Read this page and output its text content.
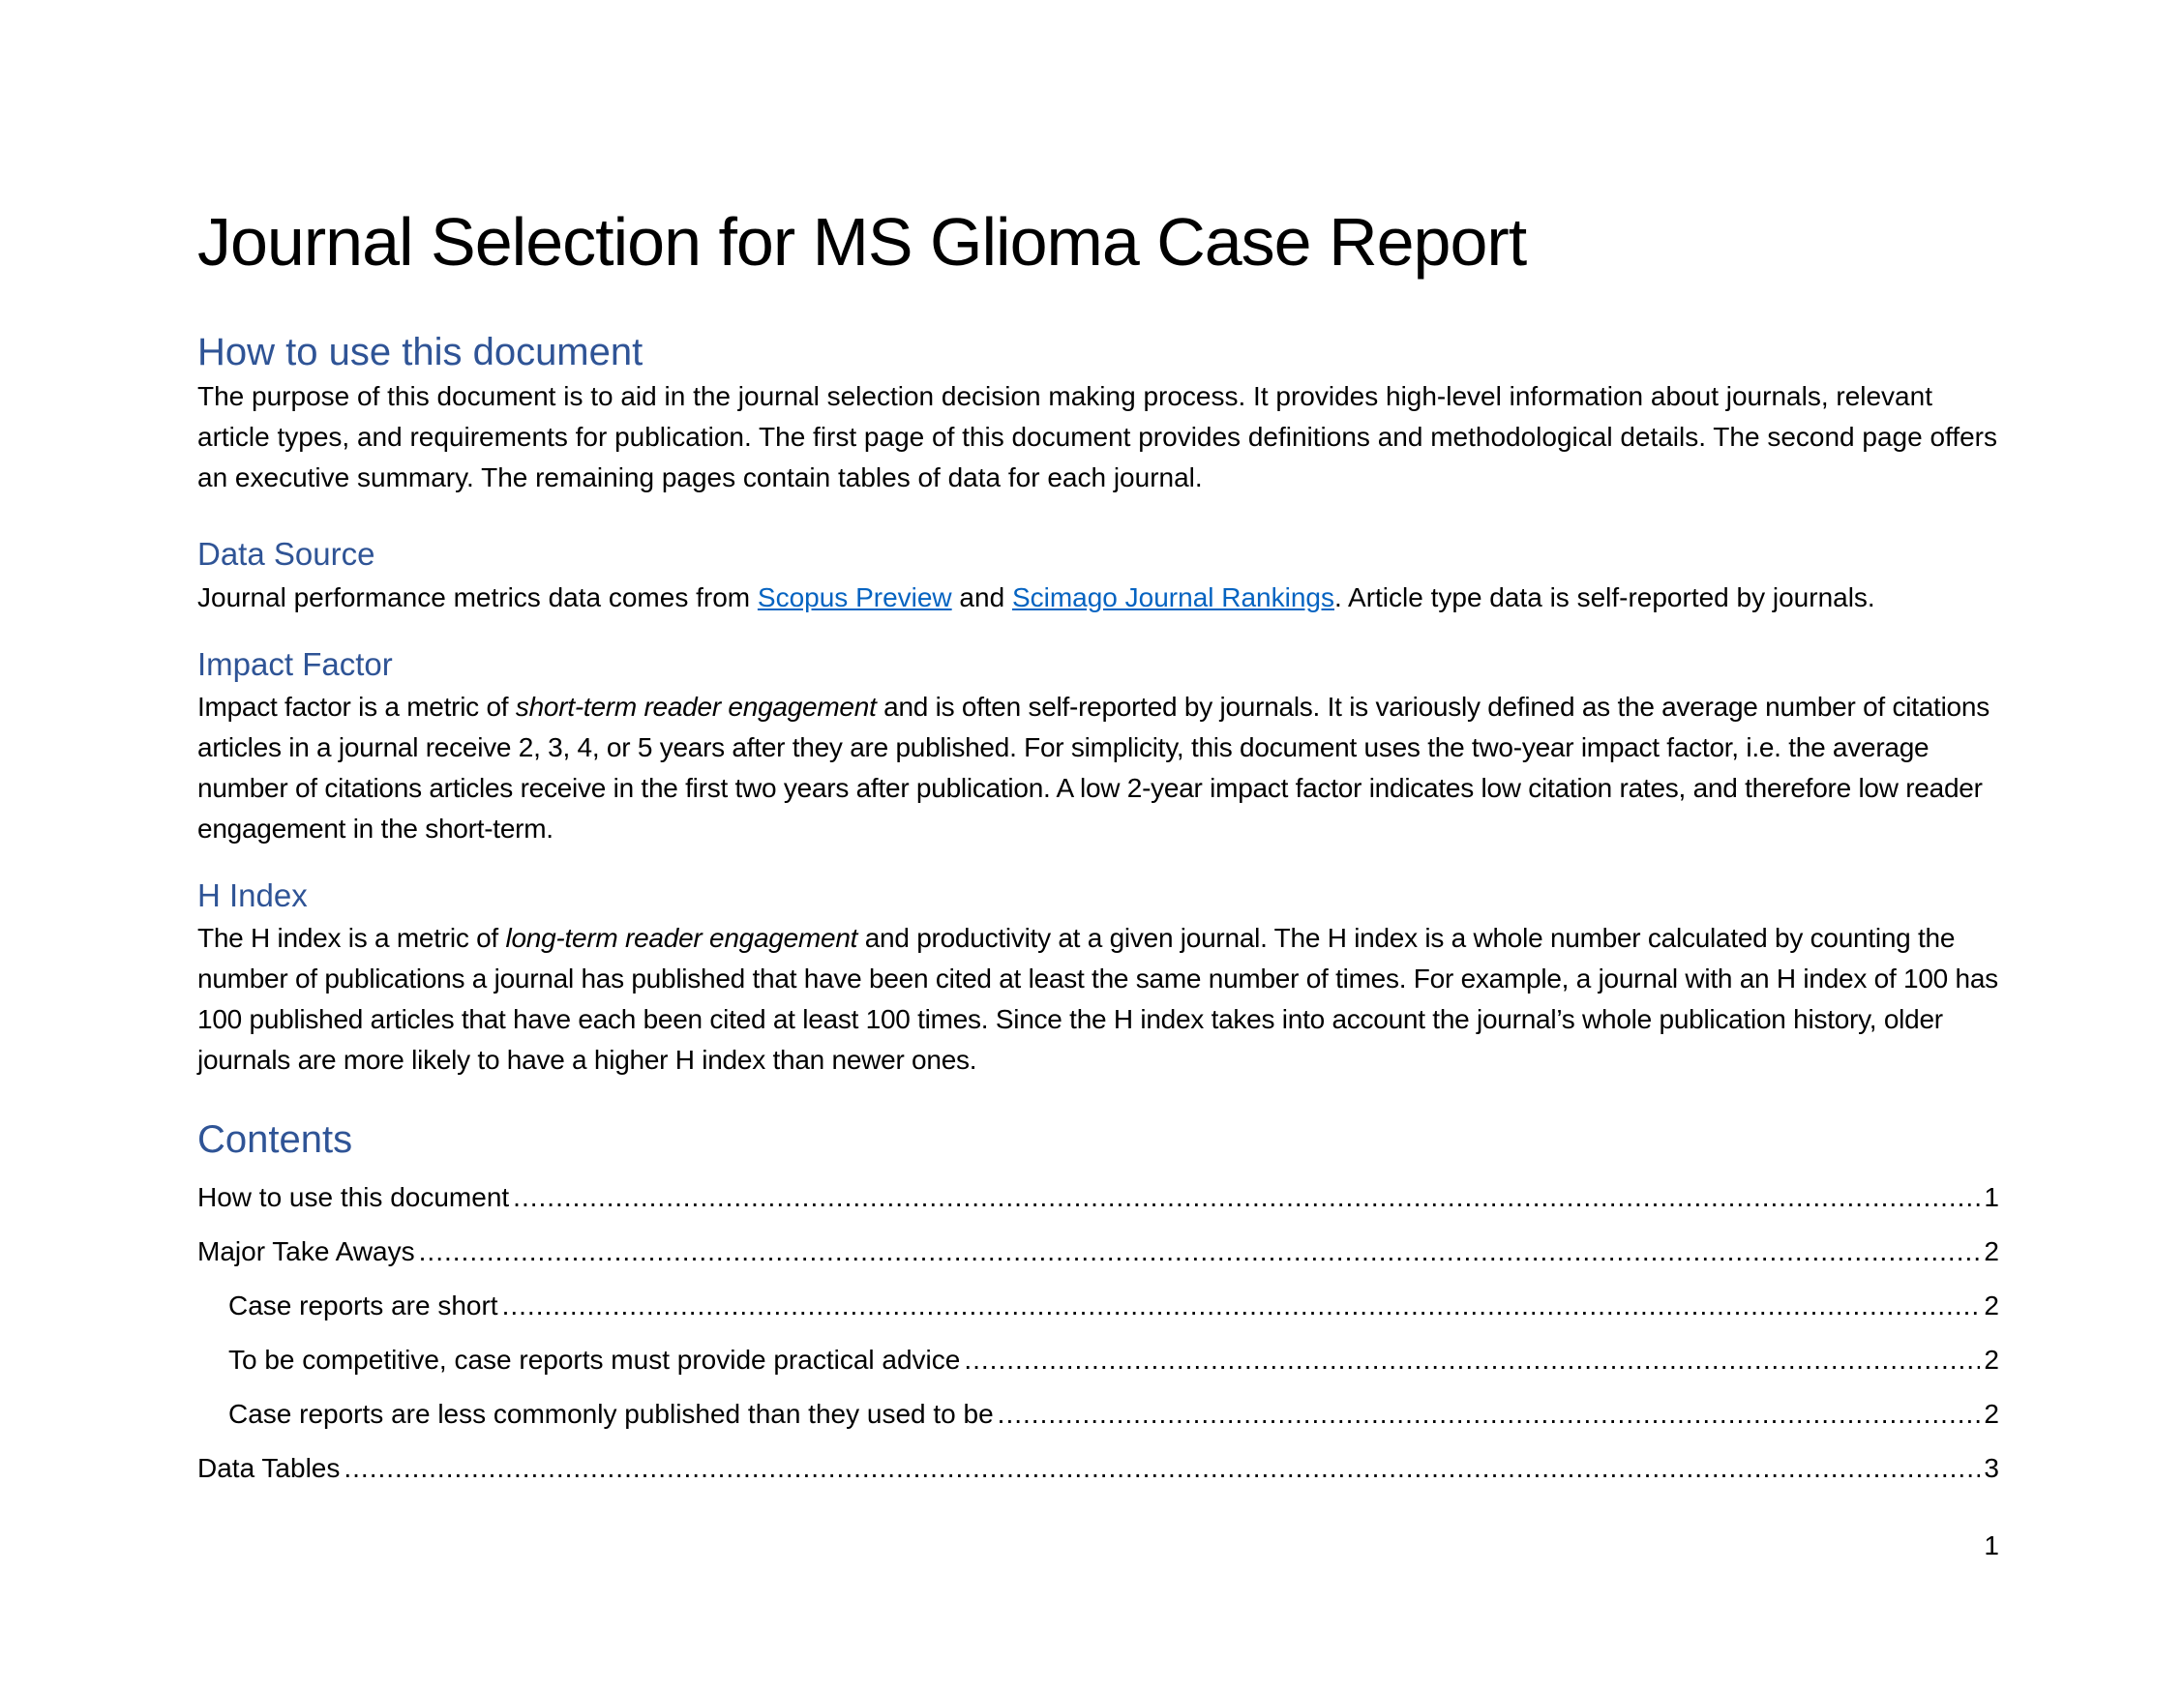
Journal Selection for MS Glioma Case Report
How to use this document

The purpose of this document is to aid in the journal selection decision making process. It provides high-level information about journals, relevant article types, and requirements for publication. The first page of this document provides definitions and methodological details. The second page offers an executive summary. The remaining pages contain tables of data for each journal.

Data Source

Journal performance metrics data comes from Scopus Preview and Scimago Journal Rankings. Article type data is self-reported by journals.

Impact Factor

Impact factor is a metric of short-term reader engagement and is often self-reported by journals. It is variously defined as the average number of citations articles in a journal receive 2, 3, 4, or 5 years after they are published. For simplicity, this document uses the two-year impact factor, i.e. the average number of citations articles receive in the first two years after publication. A low 2-year impact factor indicates low citation rates, and therefore low reader engagement in the short-term.

H Index

The H index is a metric of long-term reader engagement and productivity at a given journal. The H index is a whole number calculated by counting the number of publications a journal has published that have been cited at least the same number of times. For example, a journal with an H index of 100 has 100 published articles that have each been cited at least 100 times. Since the H index takes into account the journal’s whole publication history, older journals are more likely to have a higher H index than newer ones.

Contents
How to use this document .....	1
Major Take Aways .....	2
Case reports are short .....	2
To be competitive, case reports must provide practical advice .....	2
Case reports are less commonly published than they used to be .....	2
Data Tables .....	3
1
